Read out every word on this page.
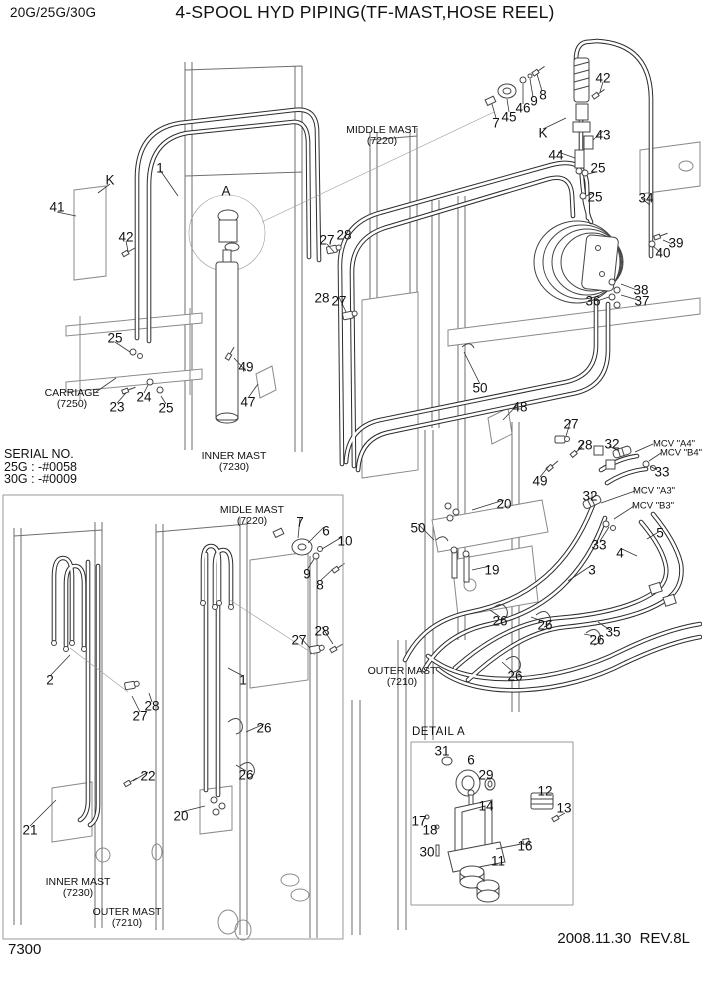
20G/25G/30G	4-SPOOL HYD PIPING(TF-MAST,HOSE REEL)
SERIAL NO.
25G : -#0058
30G : -#0009
DETAIL A
41
K
42
1
A
25
23
24
25
49
47
27 28
28 27
7 45
46 9 8
K
42
43
44
25
25	34
39
40
38
37
36
50
48
27
28
49
32
33
32
33
5
4
3
20
19
50
26 26
26
35
26
2
27
28
22
21
7
6
10
9
8
27
28
1
26
26
20
31
6
29
14
12
13
17
18
30	16
11
MIDDLE MAST
(7220)
CARRIAGE
(7250)
INNER MAST
(7230)
OUTER MAST
(7210)
MIDLE MAST
(7220)
INNER MAST
(7230)
OUTER MAST
(7210)
MCV "A4"
MCV "B4"
MCV "A3"
MCV "B3"
7300
2008.11.30  REV.8L
